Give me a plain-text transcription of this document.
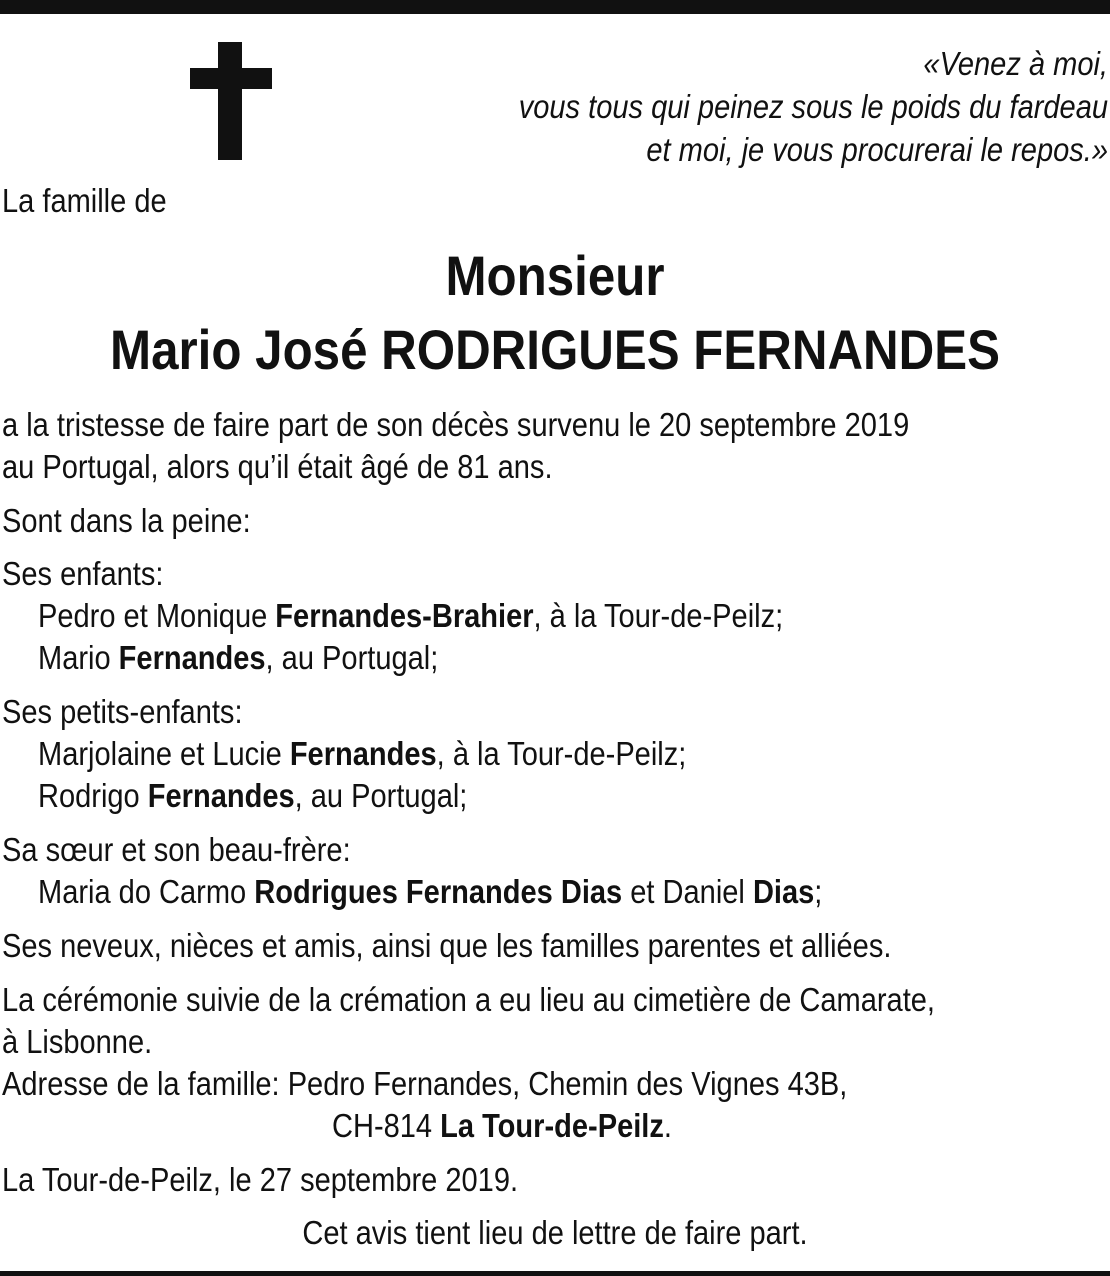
«Venez à moi,
vous tous qui peinez sous le poids du fardeau
et moi, je vous procurerai le repos.»
La famille de
Monsieur
Mario José RODRIGUES FERNANDES
a la tristesse de faire part de son décès survenu le 20 septembre 2019
au Portugal, alors qu’il était âgé de 81 ans.
Sont dans la peine:
Ses enfants:
Pedro et Monique Fernandes-Brahier, à la Tour-de-Peilz;
Mario Fernandes, au Portugal;
Ses petits-enfants:
Marjolaine et Lucie Fernandes, à la Tour-de-Peilz;
Rodrigo Fernandes, au Portugal;
Sa sœur et son beau-frère:
Maria do Carmo Rodrigues Fernandes Dias et Daniel Dias;
Ses neveux, nièces et amis, ainsi que les familles parentes et alliées.
La cérémonie suivie de la crémation a eu lieu au cimetière de Camarate,
à Lisbonne.
Adresse de la famille: Pedro Fernandes, Chemin des Vignes 43B,
CH-814 La Tour-de-Peilz.
La Tour-de-Peilz, le 27 septembre 2019.
Cet avis tient lieu de lettre de faire part.
